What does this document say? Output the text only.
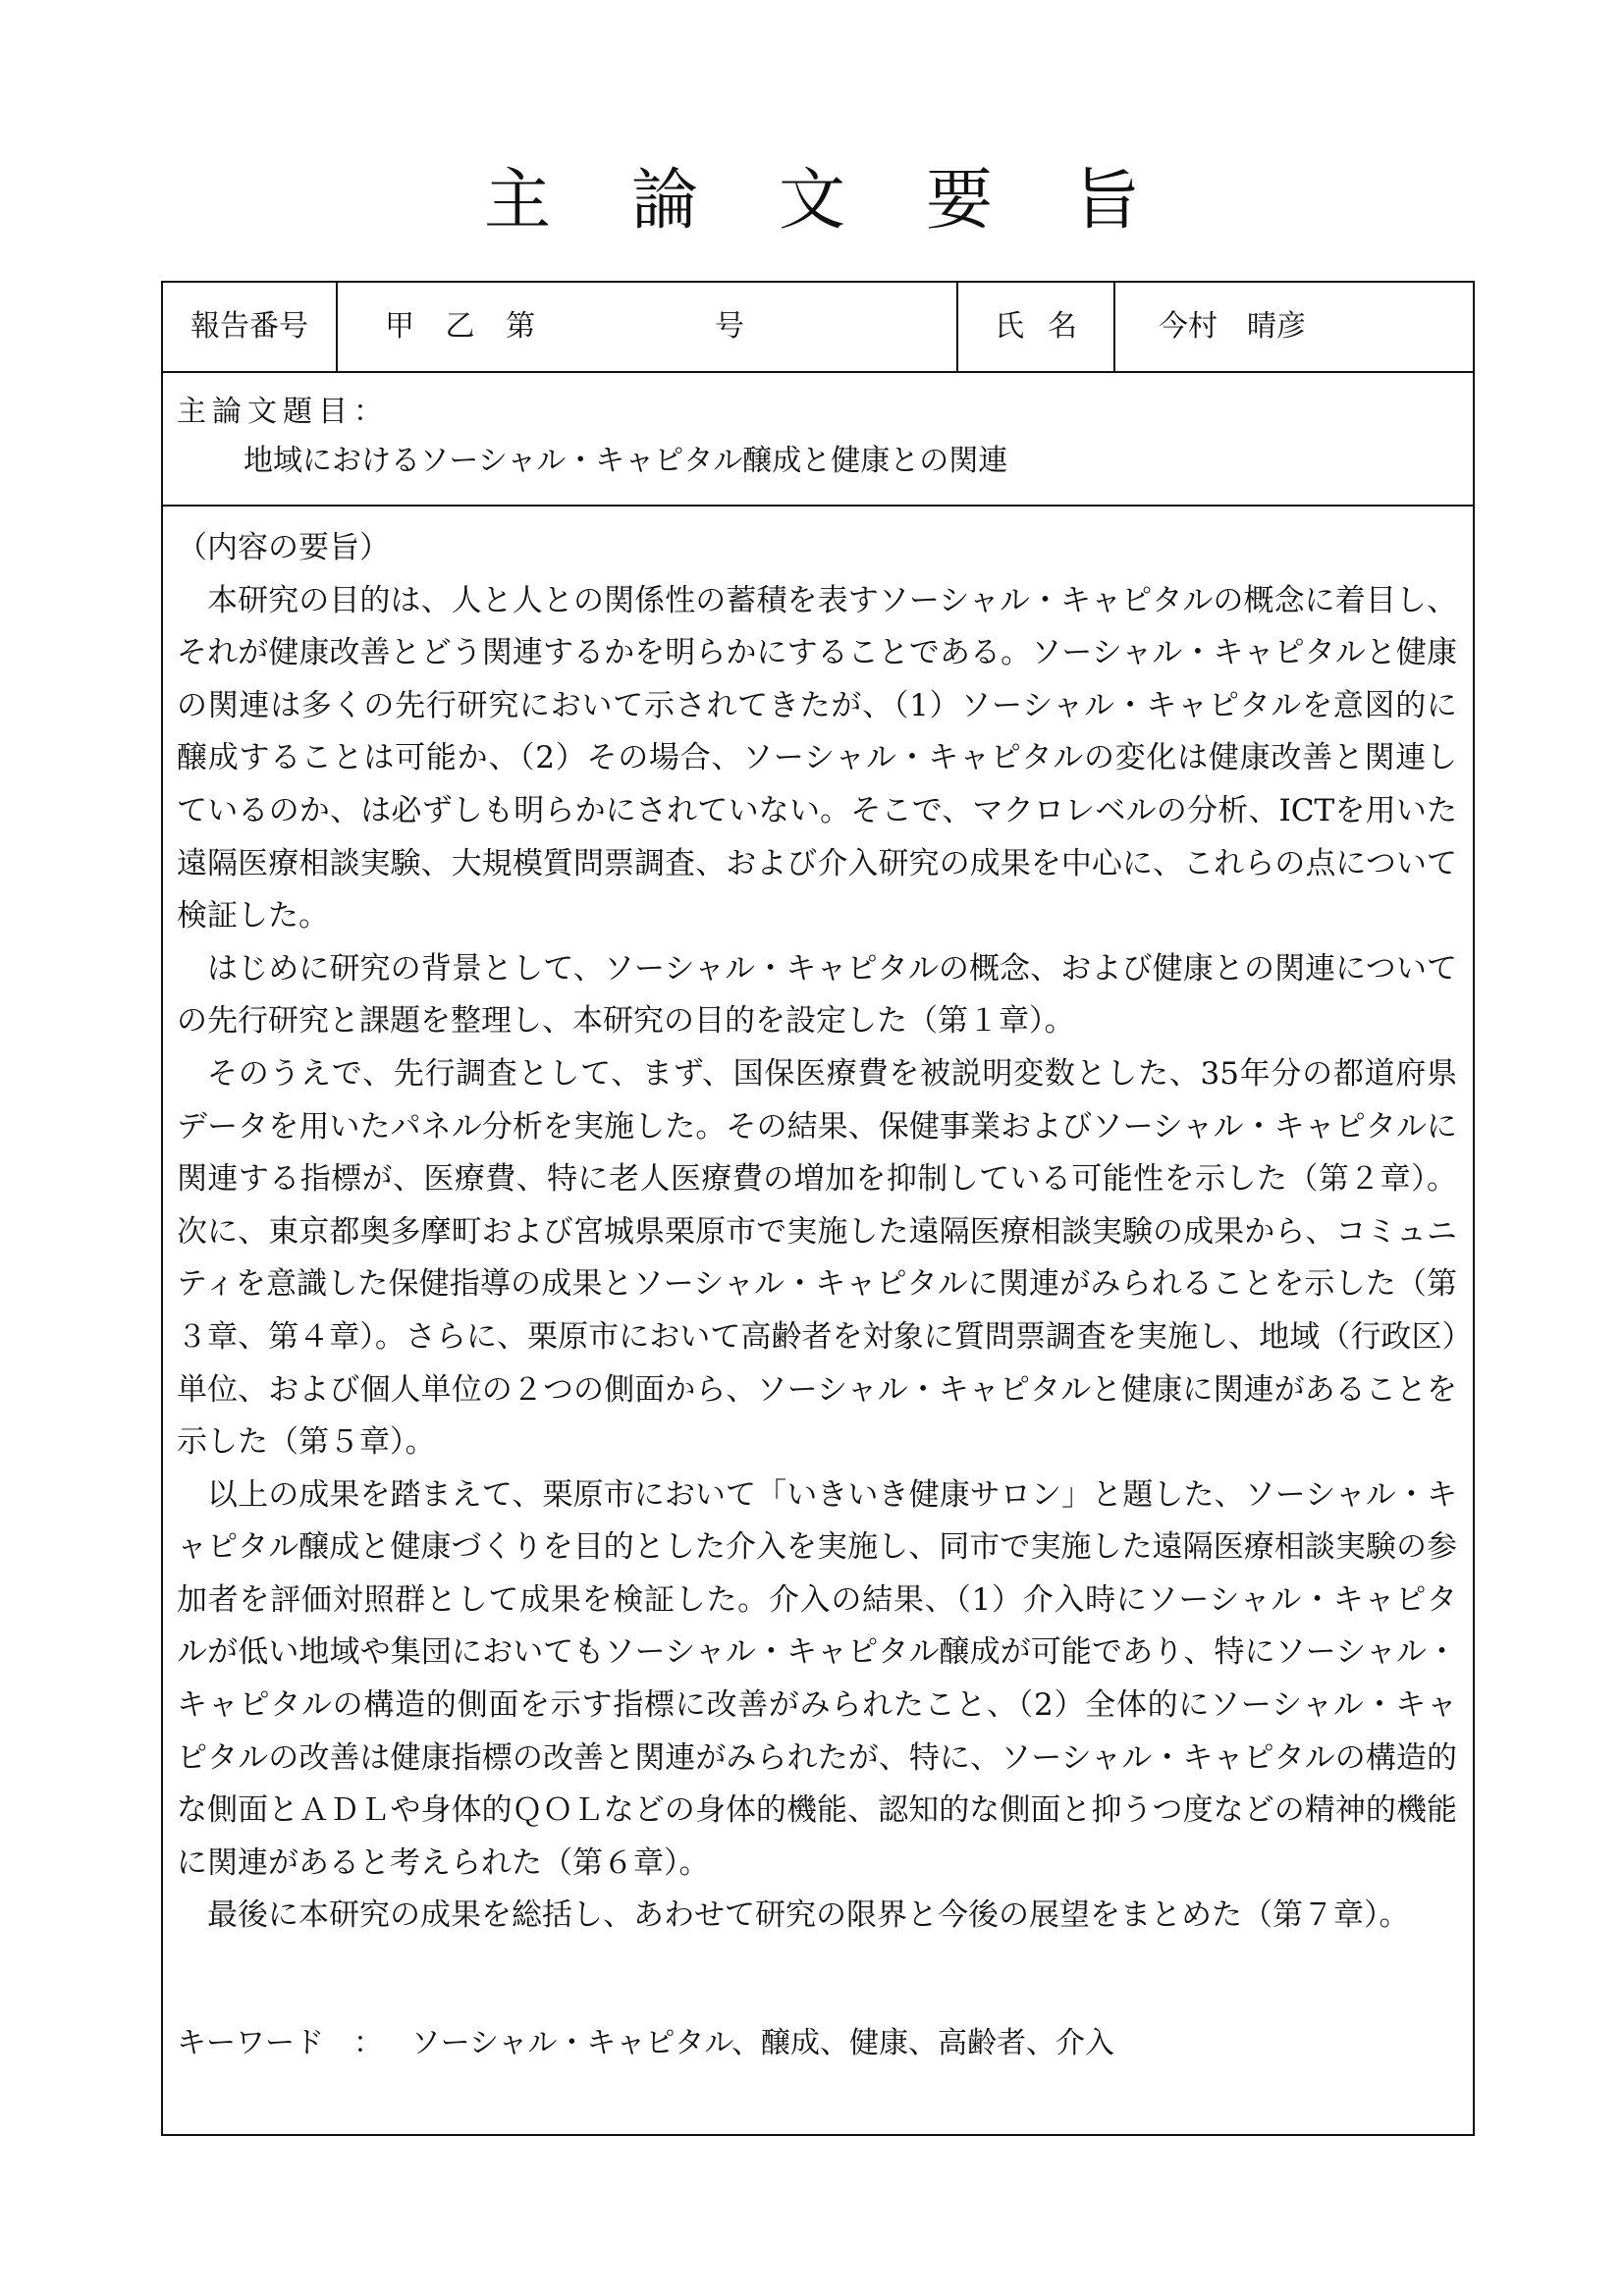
主論文要旨
報告番号	甲 乙 第	号	氏名	今村　晴彦
主論文題目：
地域におけるソーシャル・キャピタル醸成と健康との関連

（内容の要旨）

本研究の目的は、人と人との関係性の蓄積を表すソーシャル・キャピタルの概念に着目し、それが健康改善とどう関連するかを明らかにすることである。ソーシャル・キャピタルと健康の関連は多くの先行研究において示されてきたが、（1）ソーシャル・キャピタルを意図的に醸成することは可能か、（2）その場合、ソーシャル・キャピタルの変化は健康改善と関連しているのか、は必ずしも明らかにされていない。そこで、マクロレベルの分析、ICTを用いた遠隔医療相談実験、大規模質問票調査、および介入研究の成果を中心に、これらの点について検証した。

はじめに研究の背景として、ソーシャル・キャピタルの概念、および健康との関連についての先行研究と課題を整理し、本研究の目的を設定した（第１章）。

そのうえで、先行調査として、まず、国保医療費を被説明変数とした、35年分の都道府県データを用いたパネル分析を実施した。その結果、保健事業およびソーシャル・キャピタルに関連する指標が、医療費、特に老人医療費の増加を抑制している可能性を示した（第２章）。次に、東京都奥多摩町および宮城県栗原市で実施した遠隔医療相談実験の成果から、コミュニティを意識した保健指導の成果とソーシャル・キャピタルに関連がみられることを示した（第３章、第４章）。さらに、栗原市において高齢者を対象に質問票調査を実施し、地域（行政区）単位、および個人単位の２つの側面から、ソーシャル・キャピタルと健康に関連があることを示した（第５章）。

以上の成果を踏まえて、栗原市において「いきいき健康サロン」と題した、ソーシャル・キャピタル醸成と健康づくりを目的とした介入を実施し、同市で実施した遠隔医療相談実験の参加者を評価対照群として成果を検証した。介入の結果、（1）介入時にソーシャル・キャピタルが低い地域や集団においてもソーシャル・キャピタル醸成が可能であり、特にソーシャル・キャピタルの構造的側面を示す指標に改善がみられたこと、（2）全体的にソーシャル・キャピタルの改善は健康指標の改善と関連がみられたが、特に、ソーシャル・キャピタルの構造的な側面とＡＤＬや身体的ＱＯＬなどの身体的機能、認知的な側面と抑うつ度などの精神的機能に関連があると考えられた（第６章）。

最後に本研究の成果を総括し、あわせて研究の限界と今後の展望をまとめた（第７章）。

キーワード　： ソーシャル・キャピタル、醸成、健康、高齢者、介入
